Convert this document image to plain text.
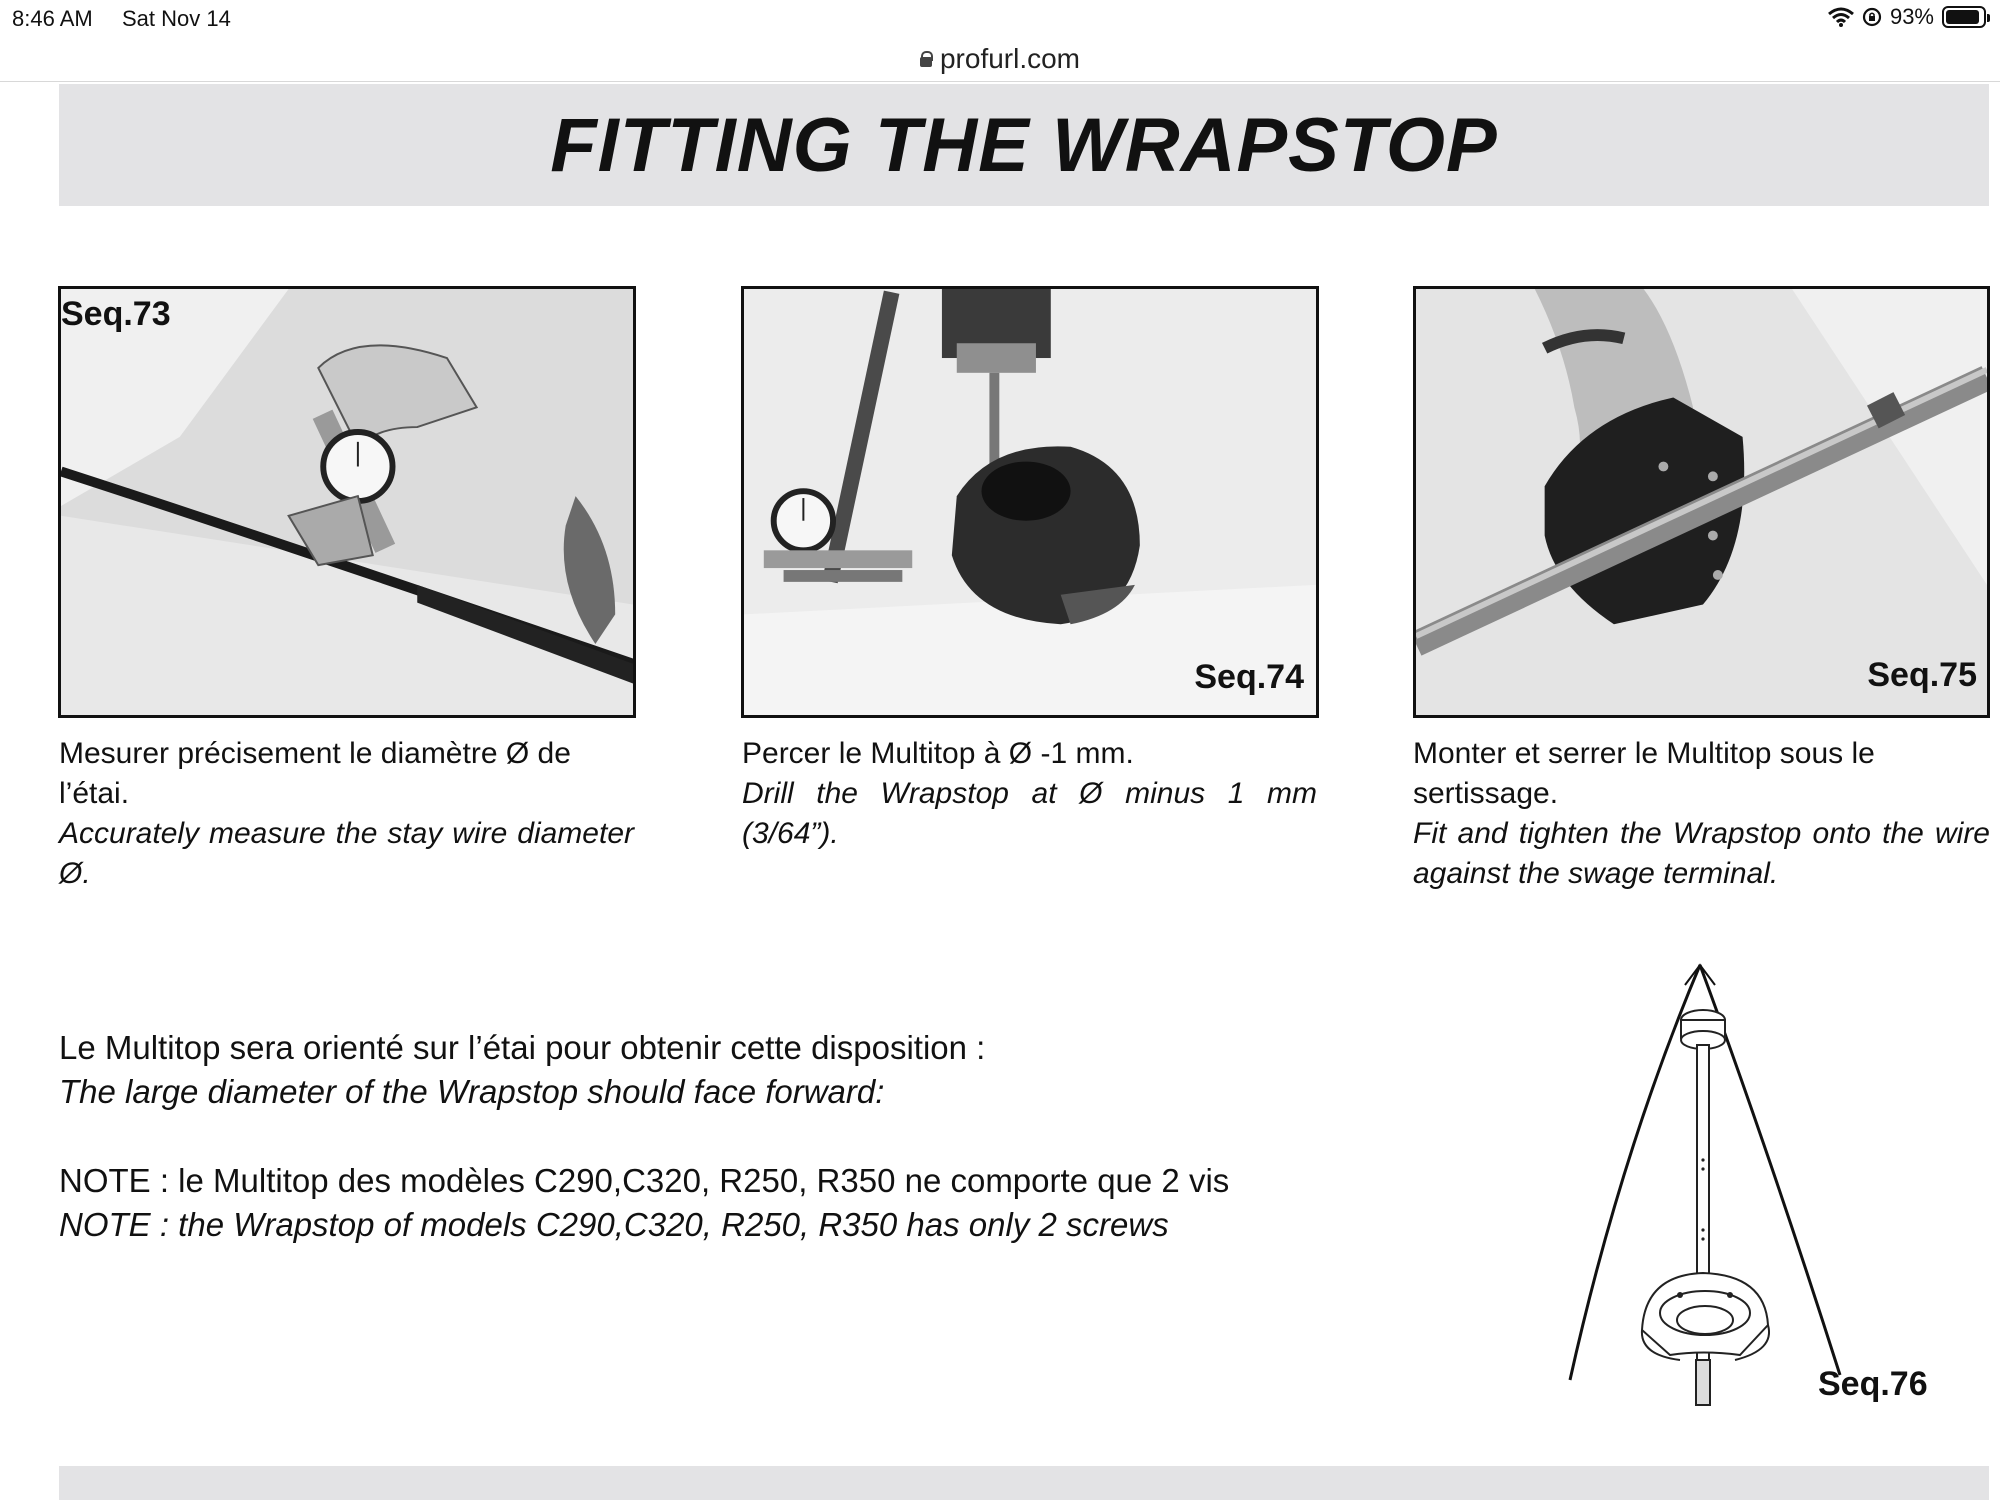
8:46 AM Sat Nov 14	93%
profurl.com
FITTING THE WRAPSTOP
Seq.73
Seq.74	Seq.75
Mesurer précisement le diamètre Ø de l’étai.
Accurately measure the stay wire diameter Ø.
Percer le Multitop à Ø -1 mm.
Drill the Wrapstop at Ø minus 1 mm (3/64”).
Monter et serrer le Multitop sous le sertissage.
Fit and tighten the Wrapstop onto the wire against the swage terminal.
Le Multitop sera orienté sur l’étai pour obtenir cette disposition :
The large diameter of the Wrapstop should face forward:
NOTE : le Multitop des modèles C290,C320, R250, R350 ne comporte que 2 vis
NOTE : the Wrapstop of models C290,C320, R250, R350 has only 2 screws
Seq.76
